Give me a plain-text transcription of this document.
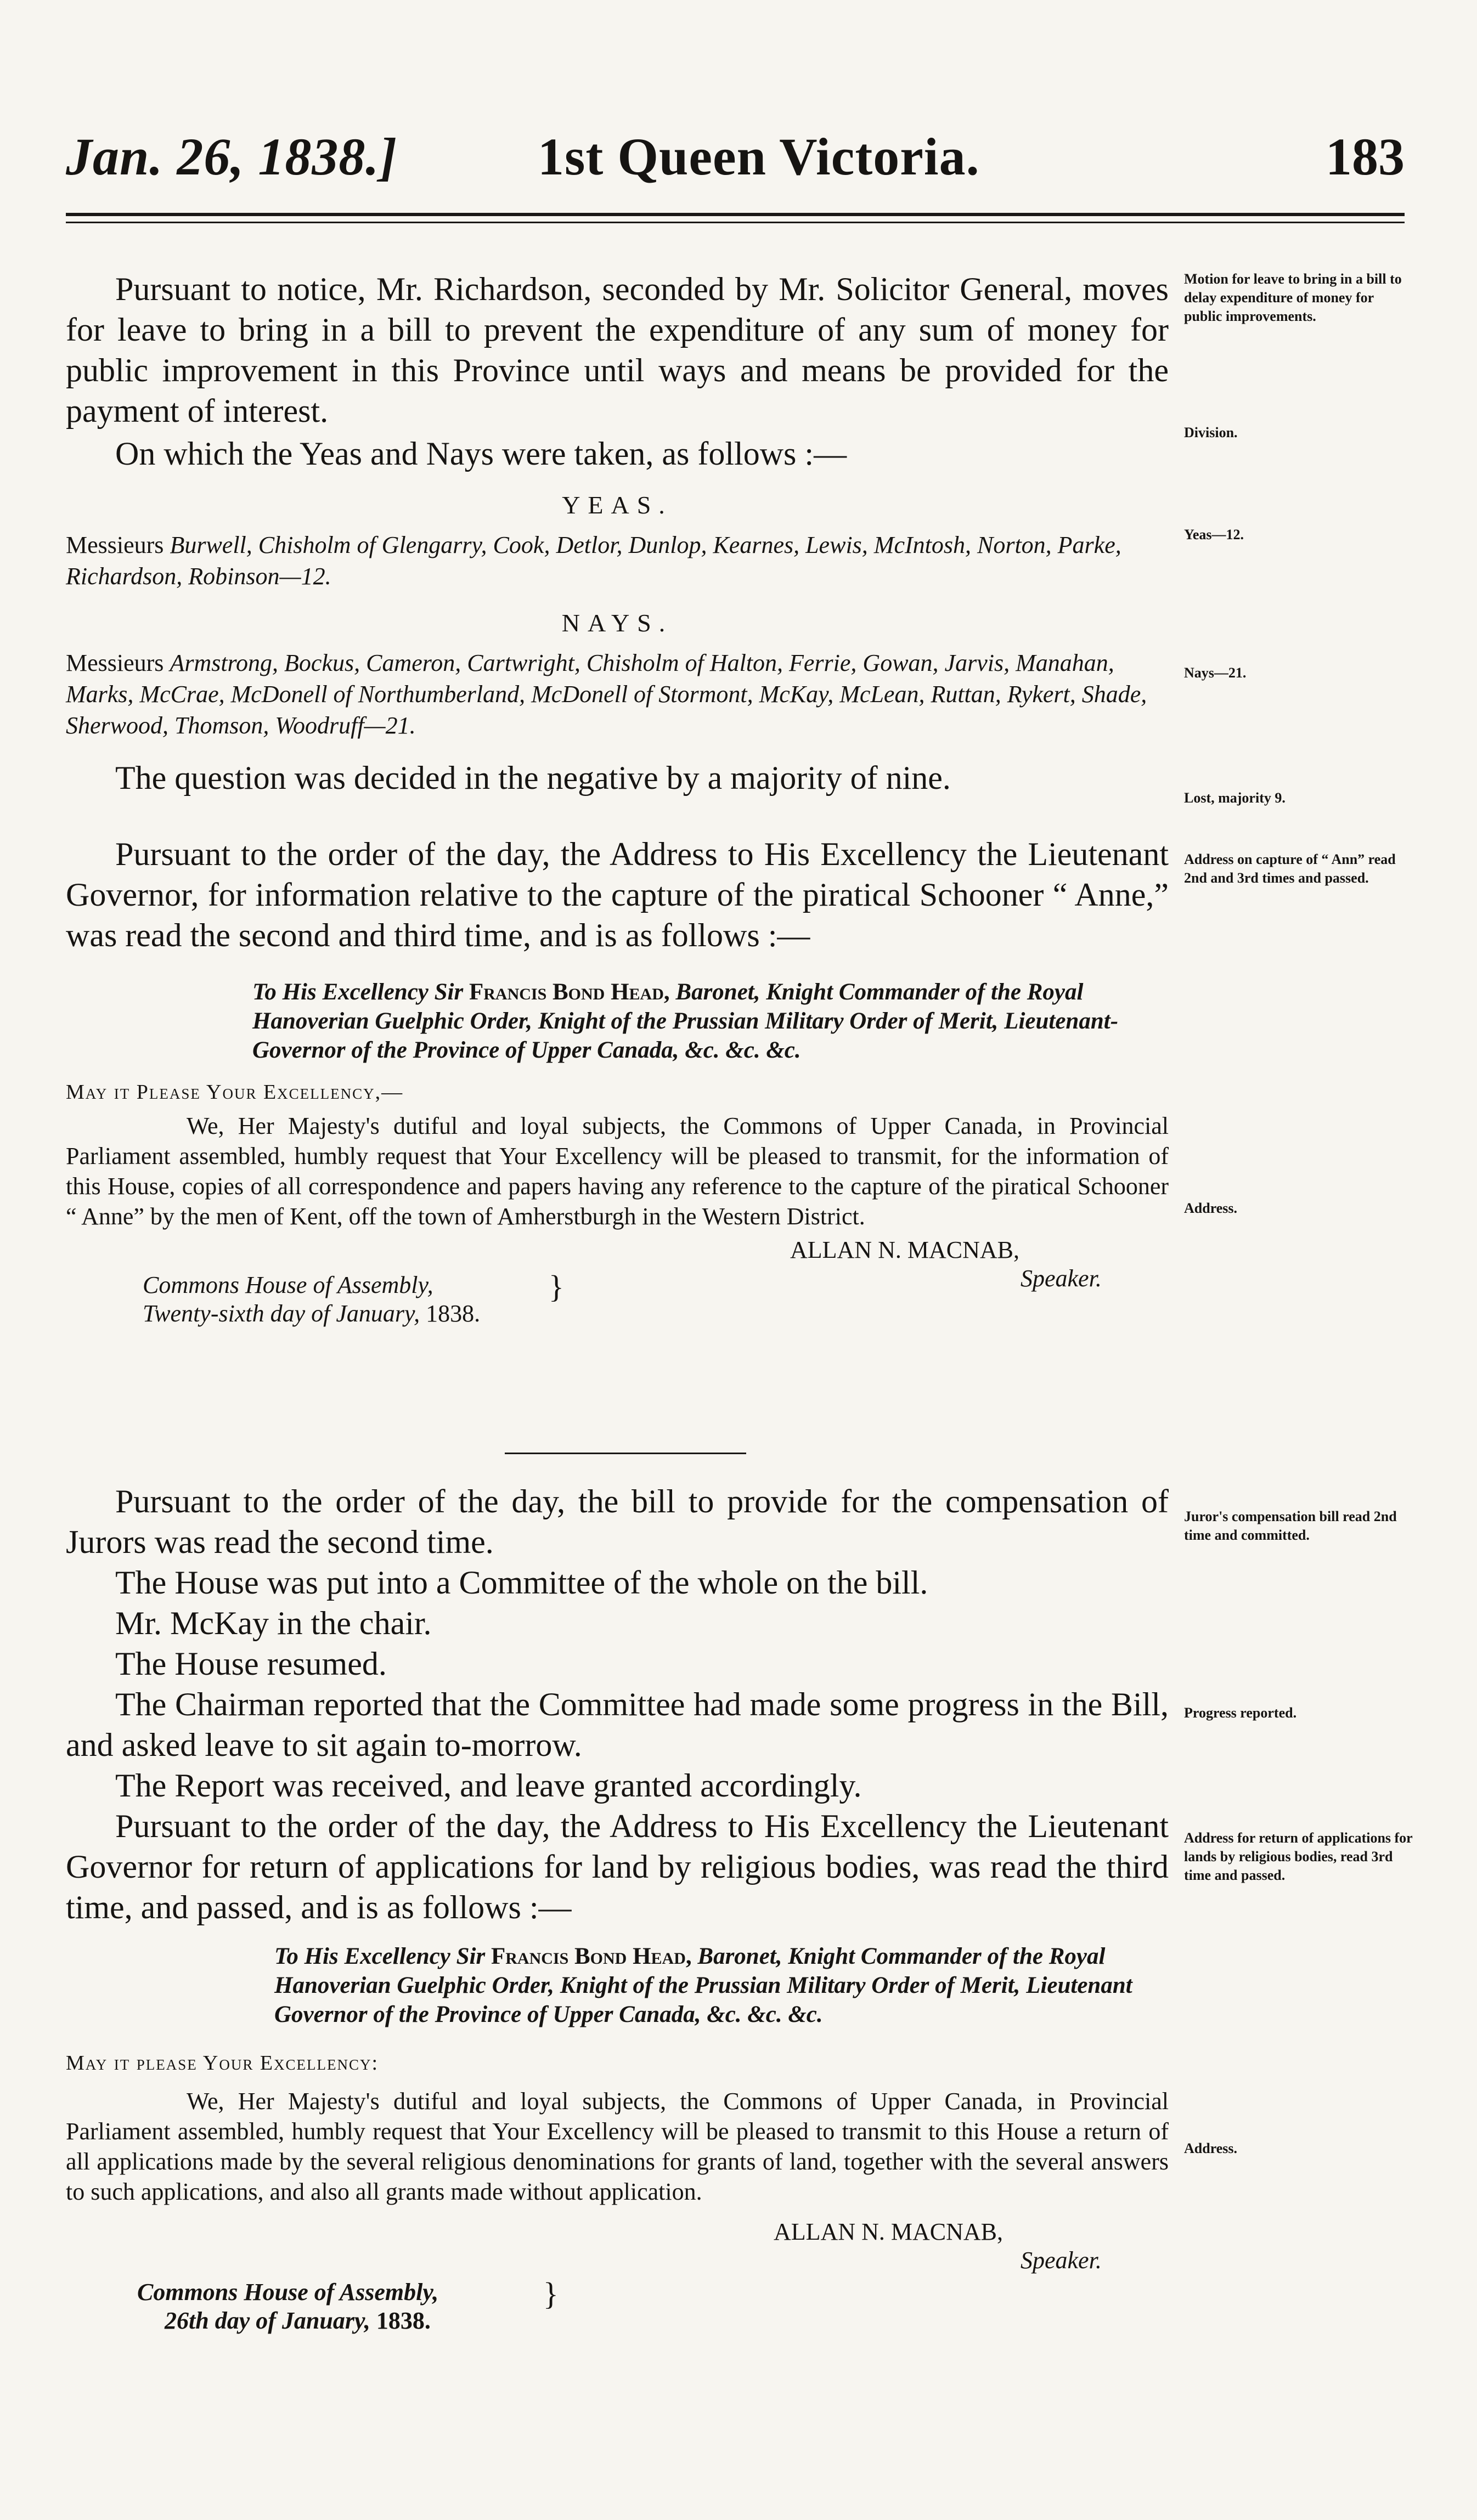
Jan. 26, 1838.]	1st Queen Victoria.	183

Pursuant to notice, Mr. Richardson, seconded by Mr. Solicitor General, moves for leave to bring in a bill to prevent the expenditure of any sum of money for public improvement in this Province until ways and means be provided for the payment of interest.

On which the Yeas and Nays were taken, as follows :—

YEAS.
Messieurs Burwell, Chisholm of Glengarry, Cook, Detlor, Dunlop, Kearnes, Lewis, McIntosh, Norton, Parke, Richardson, Robinson—12.
NAYS.
Messieurs Armstrong, Bockus, Cameron, Cartwright, Chisholm of Halton, Ferrie, Gowan, Jarvis, Manahan, Marks, McCrae, McDonell of Northumberland, McDonell of Stormont, McKay, McLean, Ruttan, Rykert, Shade, Sherwood, Thomson, Woodruff—21.

The question was decided in the negative by a majority of nine.

Pursuant to the order of the day, the Address to His Excellency the Lieutenant Governor, for information relative to the capture of the piratical Schooner “ Anne,” was read the second and third time, and is as follows :—

To His Excellency Sir Francis Bond Head, Baronet, Knight Commander of the Royal Hanoverian Guelphic Order, Knight of the Prussian Military Order of Merit, Lieutenant-Governor of the Province of Upper Canada, &c. &c. &c.
May it Please Your Excellency,—

We, Her Majesty's dutiful and loyal subjects, the Commons of Upper Canada, in Provincial Parliament assembled, humbly request that Your Excellency will be pleased to transmit, for the information of this House, copies of all correspondence and papers having any reference to the capture of the piratical Schooner “ Anne” by the men of Kent, off the town of Amherstburgh in the Western District.

ALLAN N. MACNAB,
Speaker.
Commons House of Assembly,
Twenty-sixth day of January, 1838.
}

Pursuant to the order of the day, the bill to provide for the compensation of Jurors was read the second time.

The House was put into a Committee of the whole on the bill.

Mr. McKay in the chair.

The House resumed.

The Chairman reported that the Committee had made some progress in the Bill, and asked leave to sit again to-morrow.

The Report was received, and leave granted accordingly.

Pursuant to the order of the day, the Address to His Excellency the Lieutenant Governor for return of applications for land by religious bodies, was read the third time, and passed, and is as follows :—

To His Excellency Sir Francis Bond Head, Baronet, Knight Commander of the Royal Hanoverian Guelphic Order, Knight of the Prussian Military Order of Merit, Lieutenant Governor of the Province of Upper Canada, &c. &c. &c.
May it please Your Excellency:

We, Her Majesty's dutiful and loyal subjects, the Commons of Upper Canada, in Provincial Parliament assembled, humbly request that Your Excellency will be pleased to transmit to this House a return of all applications made by the several religious denominations for grants of land, together with the several answers to such applications, and also all grants made without application.

ALLAN N. MACNAB,
Speaker.
Commons House of Assembly,
26th day of January, 1838.
}
Motion for leave to bring in a bill to delay expenditure of money for public improvements.
Division.
Yeas—12.
Nays—21.
Lost, majority 9.
Address on capture of “ Ann” read 2nd and 3rd times and passed.
Address.
Juror's compensation bill read 2nd time and committed.
Progress reported.
Address for return of applications for lands by religious bodies, read 3rd time and passed.
Address.
